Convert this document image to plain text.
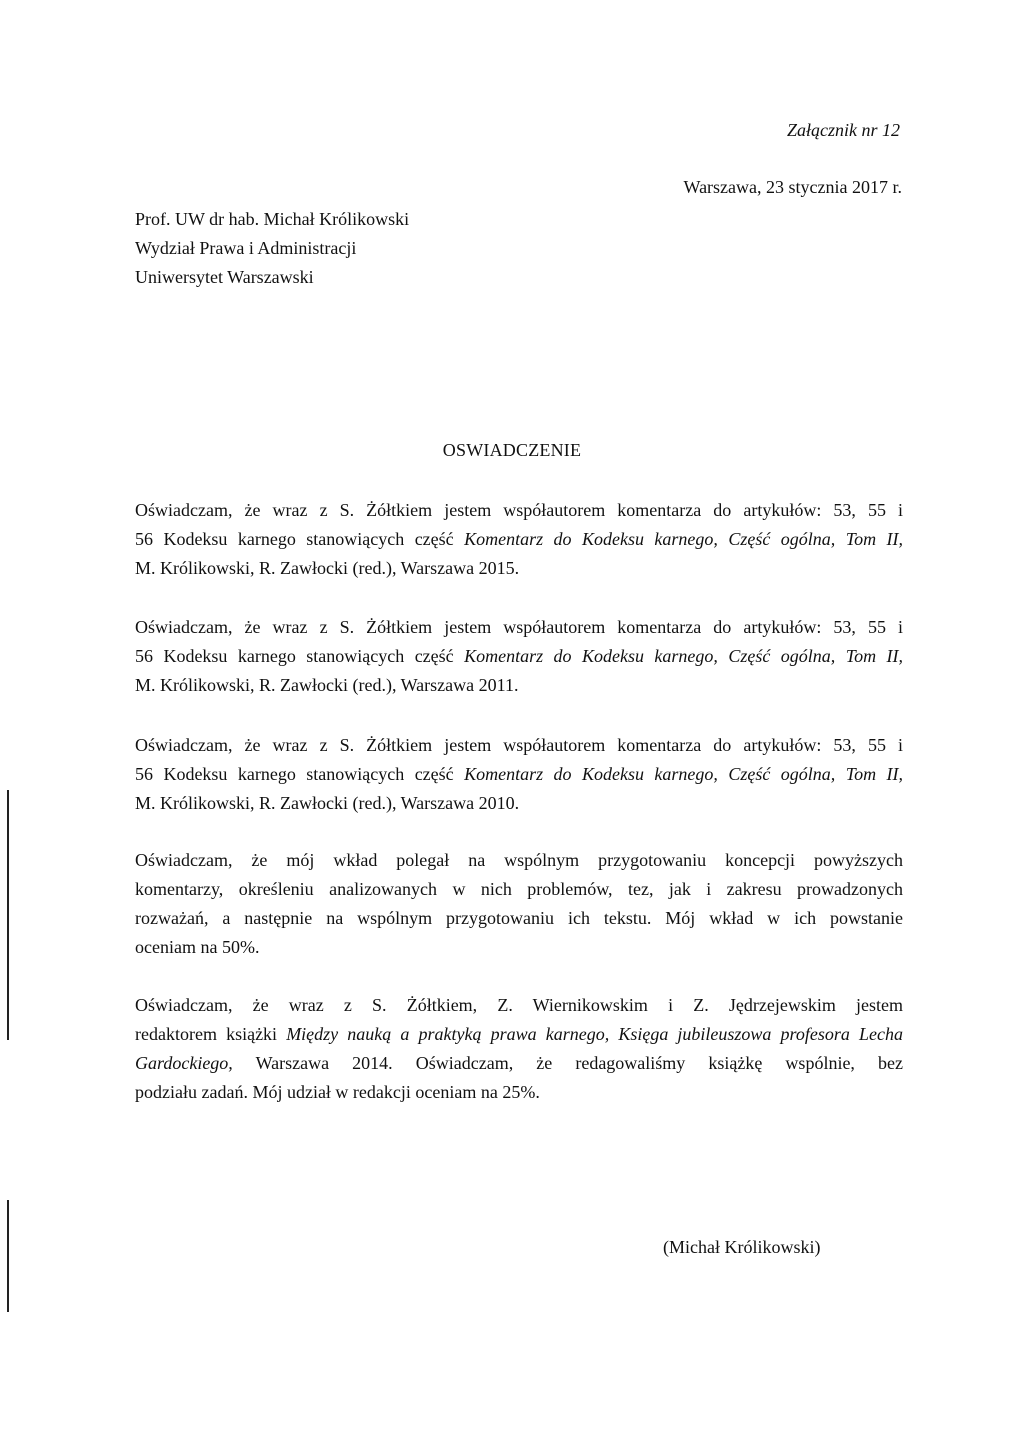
Załącznik nr 12
Warszawa, 23 stycznia 2017 r.
Prof. UW dr hab. Michał Królikowski
Wydział Prawa i Administracji
Uniwersytet Warszawski
OSWIADCZENIE
Oświadczam, że wraz z S. Żółtkiem jestem współautorem komentarza do artykułów: 53, 55 i
56 Kodeksu karnego stanowiących część Komentarz do Kodeksu karnego, Część ogólna, Tom II,
M. Królikowski, R. Zawłocki (red.), Warszawa 2015.
Oświadczam, że wraz z S. Żółtkiem jestem współautorem komentarza do artykułów: 53, 55 i
56 Kodeksu karnego stanowiących część Komentarz do Kodeksu karnego, Część ogólna, Tom II,
M. Królikowski, R. Zawłocki (red.), Warszawa 2011.
Oświadczam, że wraz z S. Żółtkiem jestem współautorem komentarza do artykułów: 53, 55 i
56 Kodeksu karnego stanowiących część Komentarz do Kodeksu karnego, Część ogólna, Tom II,
M. Królikowski, R. Zawłocki (red.), Warszawa 2010.
Oświadczam, że mój wkład polegał na wspólnym przygotowaniu koncepcji powyższych
komentarzy, określeniu analizowanych w nich problemów, tez, jak i zakresu prowadzonych
rozważań, a następnie na wspólnym przygotowaniu ich tekstu. Mój wkład w ich powstanie
oceniam na 50%.
Oświadczam, że wraz z S. Żółtkiem, Z. Wiernikowskim i Z. Jędrzejewskim jestem
redaktorem książki Między nauką a praktyką prawa karnego, Księga jubileuszowa profesora Lecha
Gardockiego, Warszawa 2014. Oświadczam, że redagowaliśmy książkę wspólnie, bez
podziału zadań. Mój udział w redakcji oceniam na 25%.
(Michał Królikowski)
